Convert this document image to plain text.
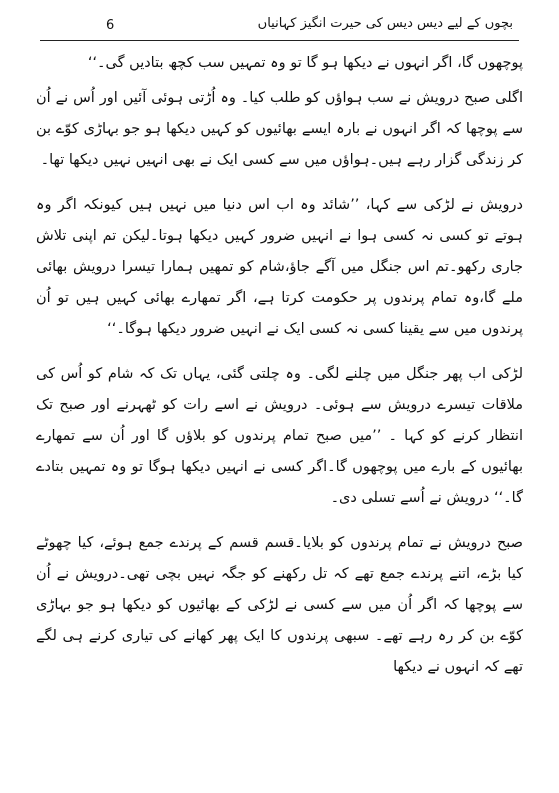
بچوں کے لیے دیس دیس کی حیرت انگیز کہانیاں
6

پوچھوں گا، اگر انہوں نے دیکھا ہو گا تو وہ تمہیں سب کچھ بتادیں گی۔‘‘

اگلی صبح درویش نے سب ہواؤں کو طلب کیا۔ وہ اُڑتی ہوئی آئیں اور اُس نے اُن سے پوچھا کہ اگر انہوں نے بارہ ایسے بھائیوں کو کہیں دیکھا ہو جو بہاڑی کوّے بن کر زندگی گزار رہے ہیں۔ہواؤں میں سے کسی ایک نے بھی انہیں نہیں دیکھا تھا۔

درویش نے لڑکی سے کہا، ’’شائد وہ اب اس دنیا میں نہیں ہیں کیونکہ اگر وہ ہوتے تو کسی نہ کسی ہوا نے انہیں ضرور کہیں دیکھا ہوتا۔لیکن تم اپنی تلاش جاری رکھو۔تم اس جنگل میں آگے جاؤ،شام کو تمھیں ہمارا تیسرا درویش بھائی ملے گا،وہ تمام پرندوں پر حکومت کرتا ہے، اگر تمھارے بھائی کہیں ہیں تو اُن پرندوں میں سے یقینا کسی نہ کسی ایک نے انہیں ضرور دیکھا ہوگا۔‘‘

لڑکی اب پھر جنگل میں چلنے لگی۔ وہ چلتی گئی، یہاں تک کہ شام کو اُس کی ملاقات تیسرے درویش سے ہوئی۔ درویش نے اسے رات کو ٹھہرنے اور صبح تک انتظار کرنے کو کہا ۔ ’’میں صبح تمام پرندوں کو بلاؤں گا اور اُن سے تمھارے بھائیوں کے بارے میں پوچھوں گا۔اگر کسی نے انہیں دیکھا ہوگا تو وہ تمہیں بتادے گا۔‘‘ درویش نے اُسے تسلی دی۔

صبح درویش نے تمام پرندوں کو بلایا۔قسم قسم کے پرندے جمع ہوئے، کیا چھوٹے کیا بڑے، اتنے پرندے جمع تھے کہ تل رکھنے کو جگہ نہیں بچی تھی۔درویش نے اُن سے پوچھا کہ اگر اُن میں سے کسی نے لڑکی کے بھائیوں کو دیکھا ہو جو بہاڑی کوّے بن کر رہ رہے تھے۔ سبھی پرندوں کا ایک پھر کھانے کی تیاری کرنے ہی لگے تھے کہ انہوں نے دیکھا
